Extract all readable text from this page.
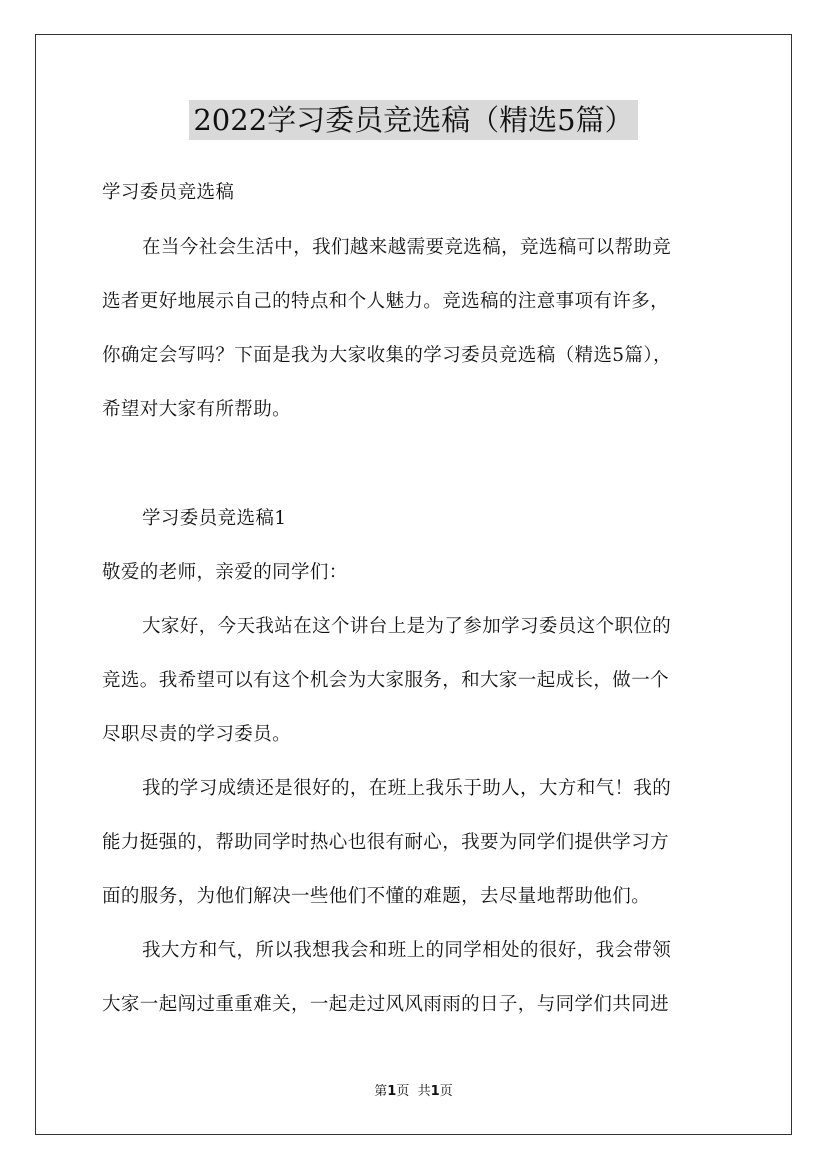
2022学习委员竞选稿（精选5篇）
学习委员竞选稿
在当今社会生活中，我们越来越需要竞选稿，竞选稿可以帮助竞
选者更好地展示自己的特点和个人魅力。竞选稿的注意事项有许多，
你确定会写吗？下面是我为大家收集的学习委员竞选稿（精选5篇），
希望对大家有所帮助。
学习委员竞选稿1
敬爱的老师，亲爱的同学们：
大家好，今天我站在这个讲台上是为了参加学习委员这个职位的
竞选。我希望可以有这个机会为大家服务，和大家一起成长，做一个
尽职尽责的学习委员。
我的学习成绩还是很好的，在班上我乐于助人，大方和气！我的
能力挺强的，帮助同学时热心也很有耐心，我要为同学们提供学习方
面的服务，为他们解决一些他们不懂的难题，去尽量地帮助他们。
我大方和气，所以我想我会和班上的同学相处的很好，我会带领
大家一起闯过重重难关，一起走过风风雨雨的日子，与同学们共同进
第1页 共1页
